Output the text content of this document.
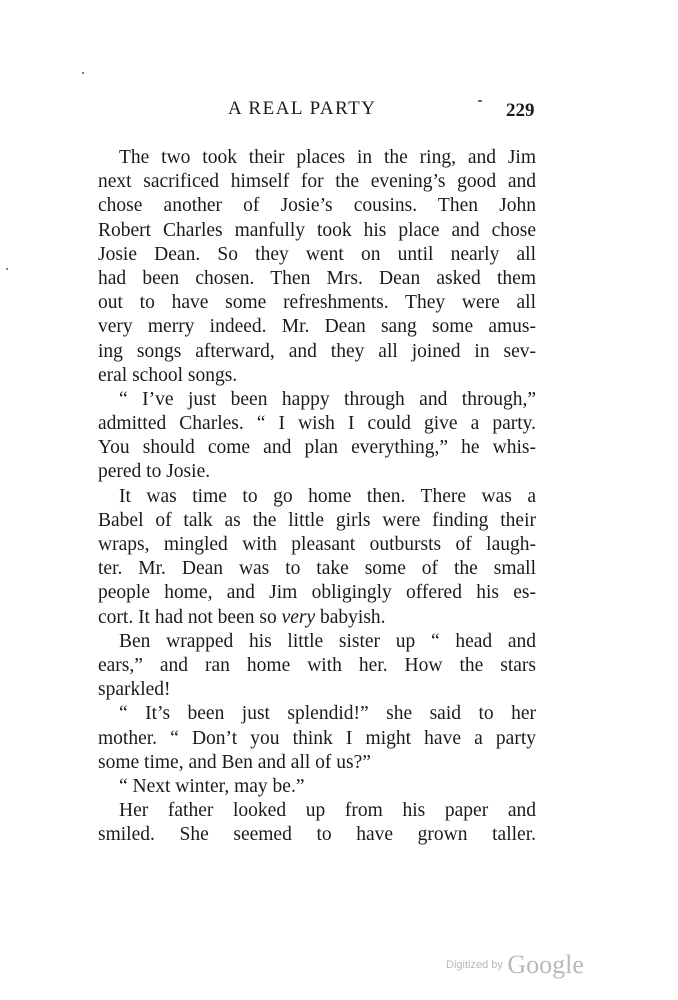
A REAL PARTY	229
The two took their places in the ring, and Jim
next sacrificed himself for the evening’s good and
chose another of Josie’s cousins. Then John
Robert Charles manfully took his place and chose
Josie Dean. So they went on until nearly all
had been chosen. Then Mrs. Dean asked them
out to have some refreshments. They were all
very merry indeed. Mr. Dean sang some amus-
ing songs afterward, and they all joined in sev-
eral school songs.
“ I’ve just been happy through and through,”
admitted Charles. “ I wish I could give a party.
You should come and plan everything,” he whis-
pered to Josie.
It was time to go home then. There was a
Babel of talk as the little girls were finding their
wraps, mingled with pleasant outbursts of laugh-
ter. Mr. Dean was to take some of the small
people home, and Jim obligingly offered his es-
cort. It had not been so very babyish.
Ben wrapped his little sister up “ head and
ears,” and ran home with her. How the stars
sparkled!
“ It’s been just splendid!” she said to her
mother. “ Don’t you think I might have a party
some time, and Ben and all of us?”
“ Next winter, may be.”
Her father looked up from his paper and
smiled. She seemed to have grown taller.
Digitized by Google
